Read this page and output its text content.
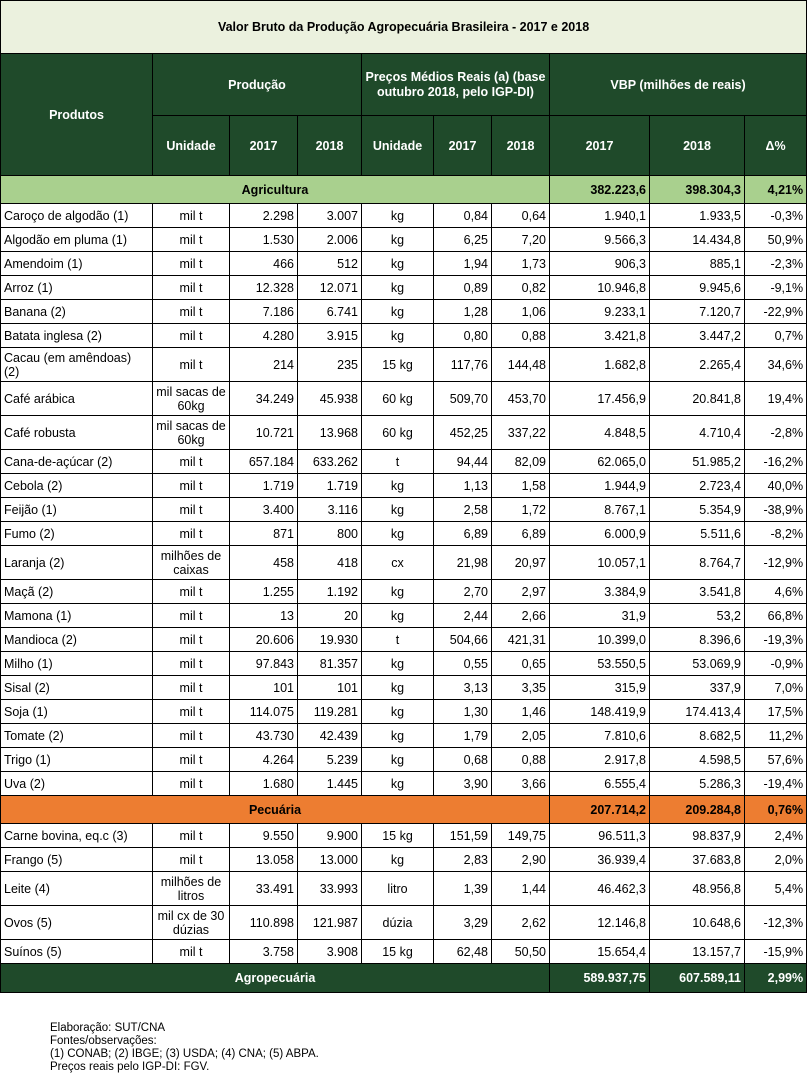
Valor Bruto da Produção Agropecuária Brasileira - 2017 e 2018									
Produtos	Produção			Preços Médios Reais (a) (base outubro 2018, pelo IGP-DI)			VBP (milhões de reais)		
	Unidade	2017	2018	Unidade	2017	2018	2017	2018	Δ%
Agricultura							382.223,6	398.304,3	4,21%
Caroço de algodão (1)	mil t	2.298	3.007	kg	0,84	0,64	1.940,1	1.933,5	-0,3%
Algodão em pluma (1)	mil t	1.530	2.006	kg	6,25	7,20	9.566,3	14.434,8	50,9%
Amendoim (1)	mil t	466	512	kg	1,94	1,73	906,3	885,1	-2,3%
Arroz (1)	mil t	12.328	12.071	kg	0,89	0,82	10.946,8	9.945,6	-9,1%
Banana (2)	mil t	7.186	6.741	kg	1,28	1,06	9.233,1	7.120,7	-22,9%
Batata inglesa (2)	mil t	4.280	3.915	kg	0,80	0,88	3.421,8	3.447,2	0,7%
Cacau (em amêndoas) (2)	mil t	214	235	15 kg	117,76	144,48	1.682,8	2.265,4	34,6%
Café arábica	mil sacas de 60kg	34.249	45.938	60 kg	509,70	453,70	17.456,9	20.841,8	19,4%
Café robusta	mil sacas de 60kg	10.721	13.968	60 kg	452,25	337,22	4.848,5	4.710,4	-2,8%
Cana-de-açúcar (2)	mil t	657.184	633.262	t	94,44	82,09	62.065,0	51.985,2	-16,2%
Cebola (2)	mil t	1.719	1.719	kg	1,13	1,58	1.944,9	2.723,4	40,0%
Feijão (1)	mil t	3.400	3.116	kg	2,58	1,72	8.767,1	5.354,9	-38,9%
Fumo (2)	mil t	871	800	kg	6,89	6,89	6.000,9	5.511,6	-8,2%
Laranja (2)	milhões de caixas	458	418	cx	21,98	20,97	10.057,1	8.764,7	-12,9%
Maçã (2)	mil t	1.255	1.192	kg	2,70	2,97	3.384,9	3.541,8	4,6%
Mamona (1)	mil t	13	20	kg	2,44	2,66	31,9	53,2	66,8%
Mandioca (2)	mil t	20.606	19.930	t	504,66	421,31	10.399,0	8.396,6	-19,3%
Milho (1)	mil t	97.843	81.357	kg	0,55	0,65	53.550,5	53.069,9	-0,9%
Sisal (2)	mil t	101	101	kg	3,13	3,35	315,9	337,9	7,0%
Soja (1)	mil t	114.075	119.281	kg	1,30	1,46	148.419,9	174.413,4	17,5%
Tomate (2)	mil t	43.730	42.439	kg	1,79	2,05	7.810,6	8.682,5	11,2%
Trigo (1)	mil t	4.264	5.239	kg	0,68	0,88	2.917,8	4.598,5	57,6%
Uva (2)	mil t	1.680	1.445	kg	3,90	3,66	6.555,4	5.286,3	-19,4%
Pecuária							207.714,2	209.284,8	0,76%
Carne bovina, eq.c (3)	mil t	9.550	9.900	15 kg	151,59	149,75	96.511,3	98.837,9	2,4%
Frango (5)	mil t	13.058	13.000	kg	2,83	2,90	36.939,4	37.683,8	2,0%
Leite (4)	milhões de litros	33.491	33.993	litro	1,39	1,44	46.462,3	48.956,8	5,4%
Ovos (5)	mil cx de 30 dúzias	110.898	121.987	dúzia	3,29	2,62	12.146,8	10.648,6	-12,3%
Suínos (5)	mil t	3.758	3.908	15 kg	62,48	50,50	15.654,4	13.157,7	-15,9%
Agropecuária							589.937,75	607.589,11	2,99%
Elaboração: SUT/CNA
Fontes/observações:
(1) CONAB; (2) IBGE; (3) USDA; (4) CNA; (5) ABPA.
Preços reais pelo IGP-DI: FGV.
